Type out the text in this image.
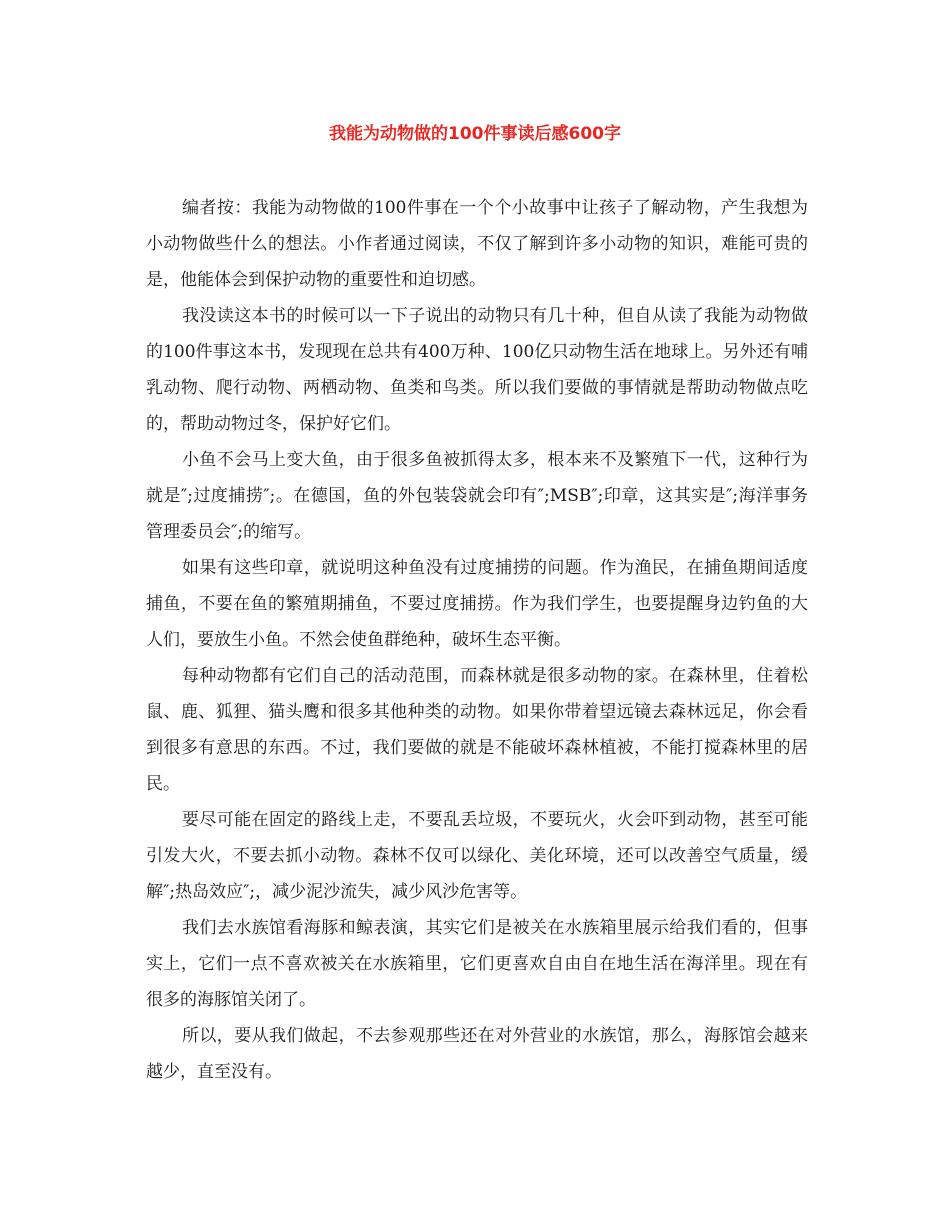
我能为动物做的100件事读后感600字

编者按：我能为动物做的100件事在一个个小故事中让孩子了解动物，产生我想为小动物做些什么的想法。小作者通过阅读，不仅了解到许多小动物的知识，难能可贵的是，他能体会到保护动物的重要性和迫切感。

我没读这本书的时候可以一下子说出的动物只有几十种，但自从读了我能为动物做的100件事这本书，发现现在总共有400万种、100亿只动物生活在地球上。另外还有哺乳动物、爬行动物、两栖动物、鱼类和鸟类。所以我们要做的事情就是帮助动物做点吃的，帮助动物过冬，保护好它们。

小鱼不会马上变大鱼，由于很多鱼被抓得太多，根本来不及繁殖下一代，这种行为就是″;过度捕捞″;。在德国，鱼的外包装袋就会印有″;MSB″;印章，这其实是″;海洋事务管理委员会″;的缩写。

如果有这些印章，就说明这种鱼没有过度捕捞的问题。作为渔民，在捕鱼期间适度捕鱼，不要在鱼的繁殖期捕鱼，不要过度捕捞。作为我们学生，也要提醒身边钓鱼的大人们，要放生小鱼。不然会使鱼群绝种，破坏生态平衡。

每种动物都有它们自己的活动范围，而森林就是很多动物的家。在森林里，住着松鼠、鹿、狐狸、猫头鹰和很多其他种类的动物。如果你带着望远镜去森林远足，你会看到很多有意思的东西。不过，我们要做的就是不能破坏森林植被，不能打搅森林里的居民。

要尽可能在固定的路线上走，不要乱丢垃圾，不要玩火，火会吓到动物，甚至可能引发大火，不要去抓小动物。森林不仅可以绿化、美化环境，还可以改善空气质量，缓解″;热岛效应″;，减少泥沙流失，减少风沙危害等。

我们去水族馆看海豚和鲸表演，其实它们是被关在水族箱里展示给我们看的，但事实上，它们一点不喜欢被关在水族箱里，它们更喜欢自由自在地生活在海洋里。现在有很多的海豚馆关闭了。

所以，要从我们做起，不去参观那些还在对外营业的水族馆，那么，海豚馆会越来越少，直至没有。
